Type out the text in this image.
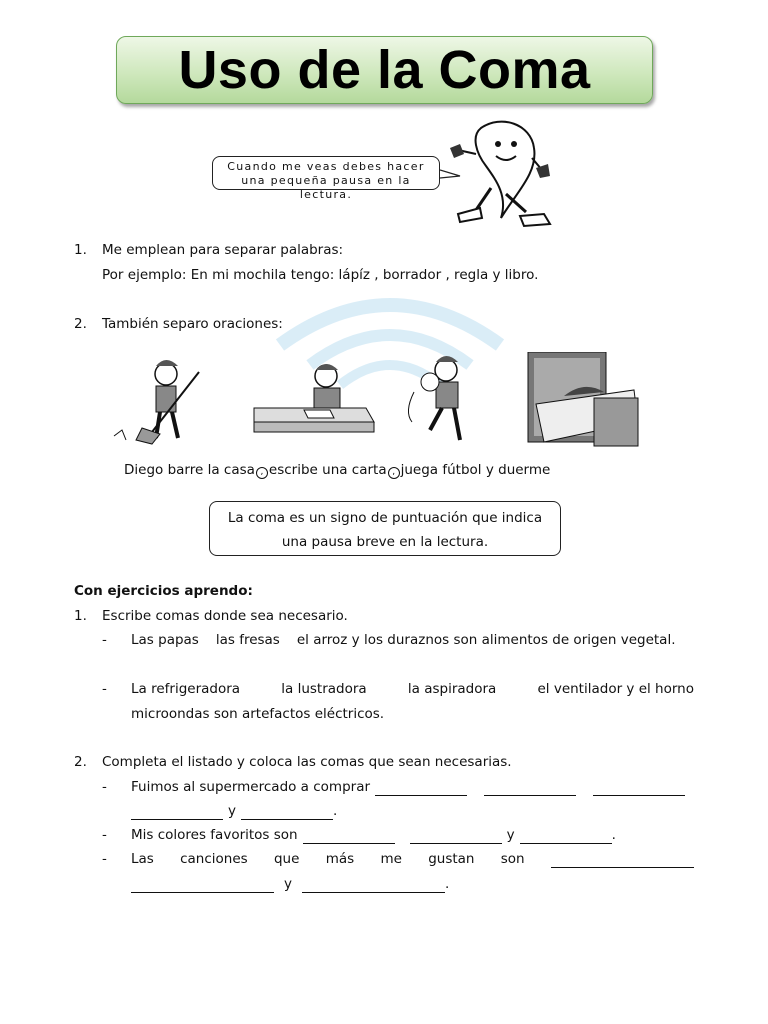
Uso de la Coma
Cuando me veas debes hacer
una pequeña pausa en la lectura.
1. Me emplean para separar palabras:
Por ejemplo: En mi mochila tengo: lápíz , borrador , regla y libro.
2. También separo oraciones:
Diego barre la casa , escribe una carta , juega fútbol y duerme
La coma es un signo de puntuación que indica
una pausa breve en la lectura.
Con ejercicios aprendo:
1. Escribe comas donde sea necesario.
- Las papas las fresas el arroz y los duraznos son alimentos de origen vegetal.
- La refrigeradora	la lustradora	la aspiradora	el ventilador y el horno
microondas son artefactos eléctricos.
2. Completa el listado y coloca las comas que sean necesarias.
- Fuimos al supermercado a comprar
y	.
- Mis colores favoritos son	y	.
- Las canciones que más me gustan son
y	.
